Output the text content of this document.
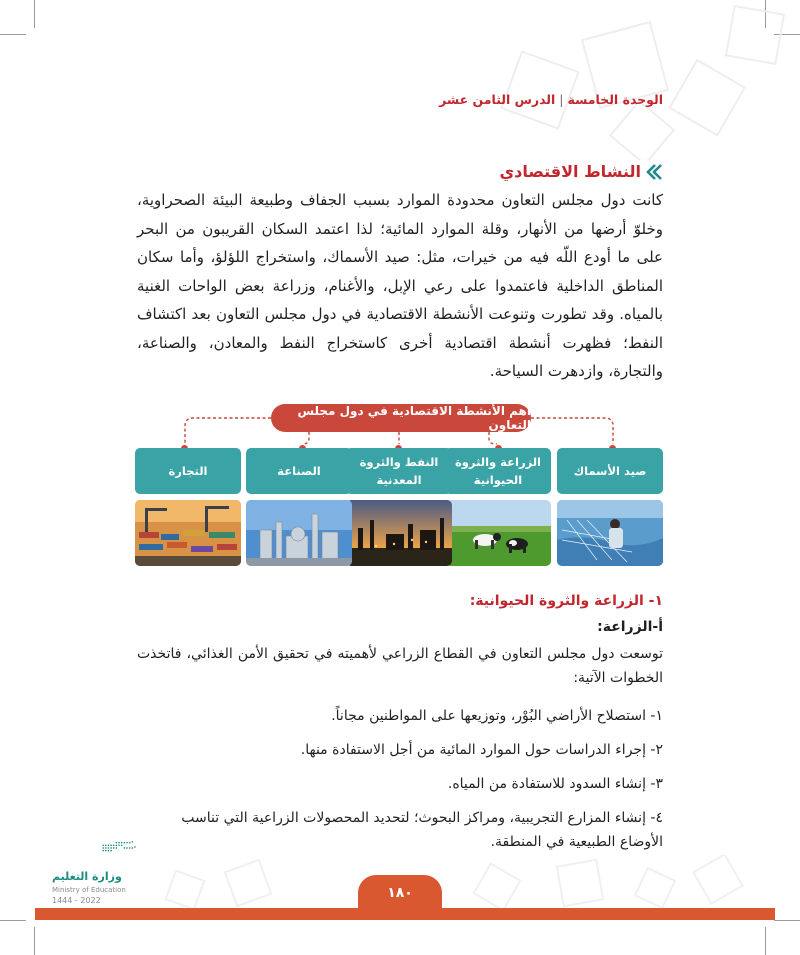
الوحدة الخامسة|الدرس الثامن عشر
النشاط الاقتصادي

كانت دول مجلس التعاون محدودة الموارد بسبب الجفاف وطبيعة البيئة الصحراوية، وخلوّ أرضها من الأنهار، وقلة الموارد المائية؛ لذا اعتمد السكان القريبون من البحر على ما أودع اللّه فيه من خيرات، مثل: صيد الأسماك، واستخراج اللؤلؤ، وأما سكان المناطق الداخلية فاعتمدوا على رعي الإبل، والأغنام، وزراعة بعض الواحات الغنية بالمياه. وقد تطورت وتنوعت الأنشطة الاقتصادية في دول مجلس التعاون بعد اكتشاف النفط؛ فظهرت أنشطة اقتصادية أخرى كاستخراج النفط والمعادن، والصناعة، والتجارة، وازدهرت السياحة.

أهم الأنشطة الاقتصادية في دول مجلس التعاون
صيد الأسماك
الزراعة والثروة الحيوانية
النفط والثروة المعدنية
الصناعة
التجارة
١- الزراعة والثروة الحيوانية:
أ-الزراعة:

توسعت دول مجلس التعاون في القطاع الزراعي لأهميته في تحقيق الأمن الغذائي، فاتخذت الخطوات الآتية:

١- استصلاح الأراضي البُوْر، وتوزيعها على المواطنين مجاناً.

٢- إجراء الدراسات حول الموارد المائية من أجل الاستفادة منها.

٣- إنشاء السدود للاستفادة من المياه.

٤- إنشاء المزارع التجريبية، ومراكز البحوث؛ لتحديد المحصولات الزراعية التي تناسب الأوضاع الطبيعية في المنطقة.

وزارة التعليم
Ministry of Education
2022 - 1444	١٨٠
